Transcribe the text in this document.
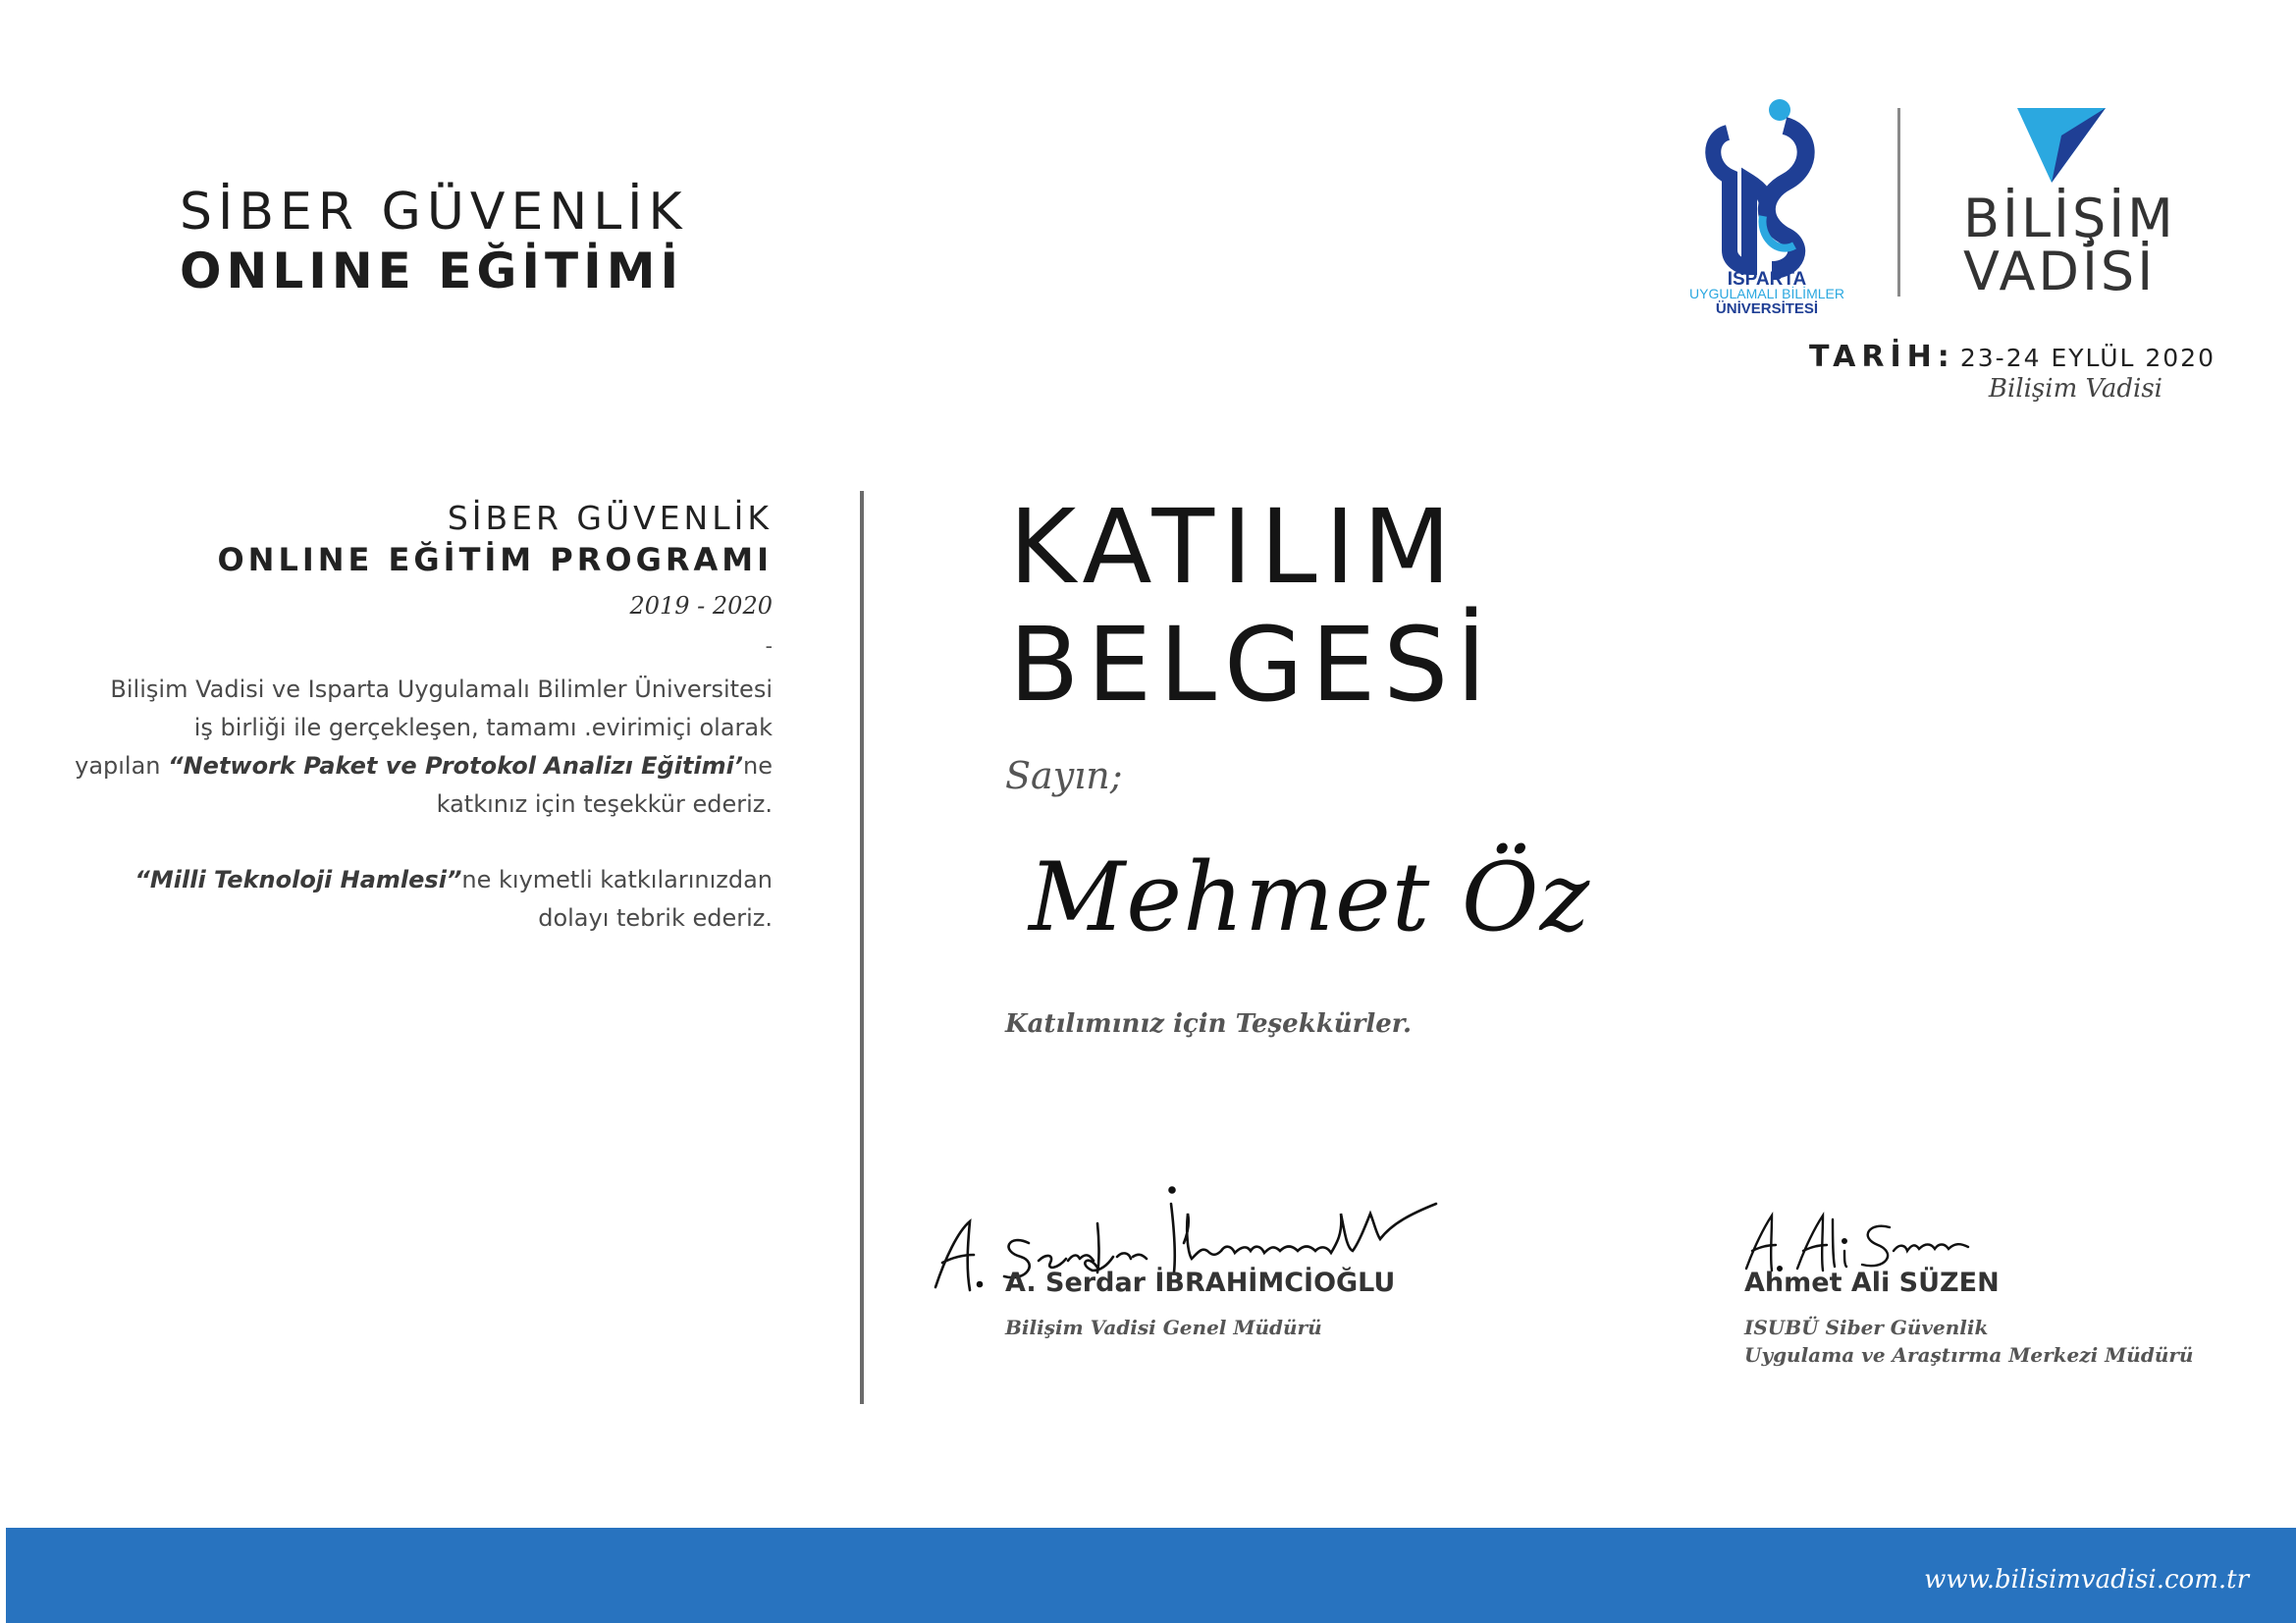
SİBER GÜVENLİK
ONLINE EĞİTİMİ	2018
ISPARTA
UYGULAMALI BİLİMLER
ÜNİVERSİTESİ
BİLİŞİM
VADİSİ
TARİH: 23-24 EYLÜL 2020
Bilişim Vadisi
SİBER GÜVENLİK
ONLINE EĞİTİM PROGRAMI
2019 - 2020
-
Bilişim Vadisi ve Isparta Uygulamalı Bilimler Üniversitesi
iş birliği ile gerçekleşen, tamamı .evirimiçi olarak
yapılan “Network Paket ve Protokol Analizı Eğitimi’ne
katkınız için teşekkür ederiz.
“Milli Teknoloji Hamlesi”ne kıymetli katkılarınızdan
dolayı tebrik ederiz.
KATILIM
BELGESİ
Sayın;
Mehmet Öz
Katılımınız için Teşekkürler.
A. Serdar İBRAHİMCİOĞLU
Bilişim Vadisi Genel Müdürü
Ahmet Ali SÜZEN
ISUBÜ Siber Güvenlik
Uygulama ve Araştırma Merkezi Müdürü
www.bilisimvadisi.com.tr
